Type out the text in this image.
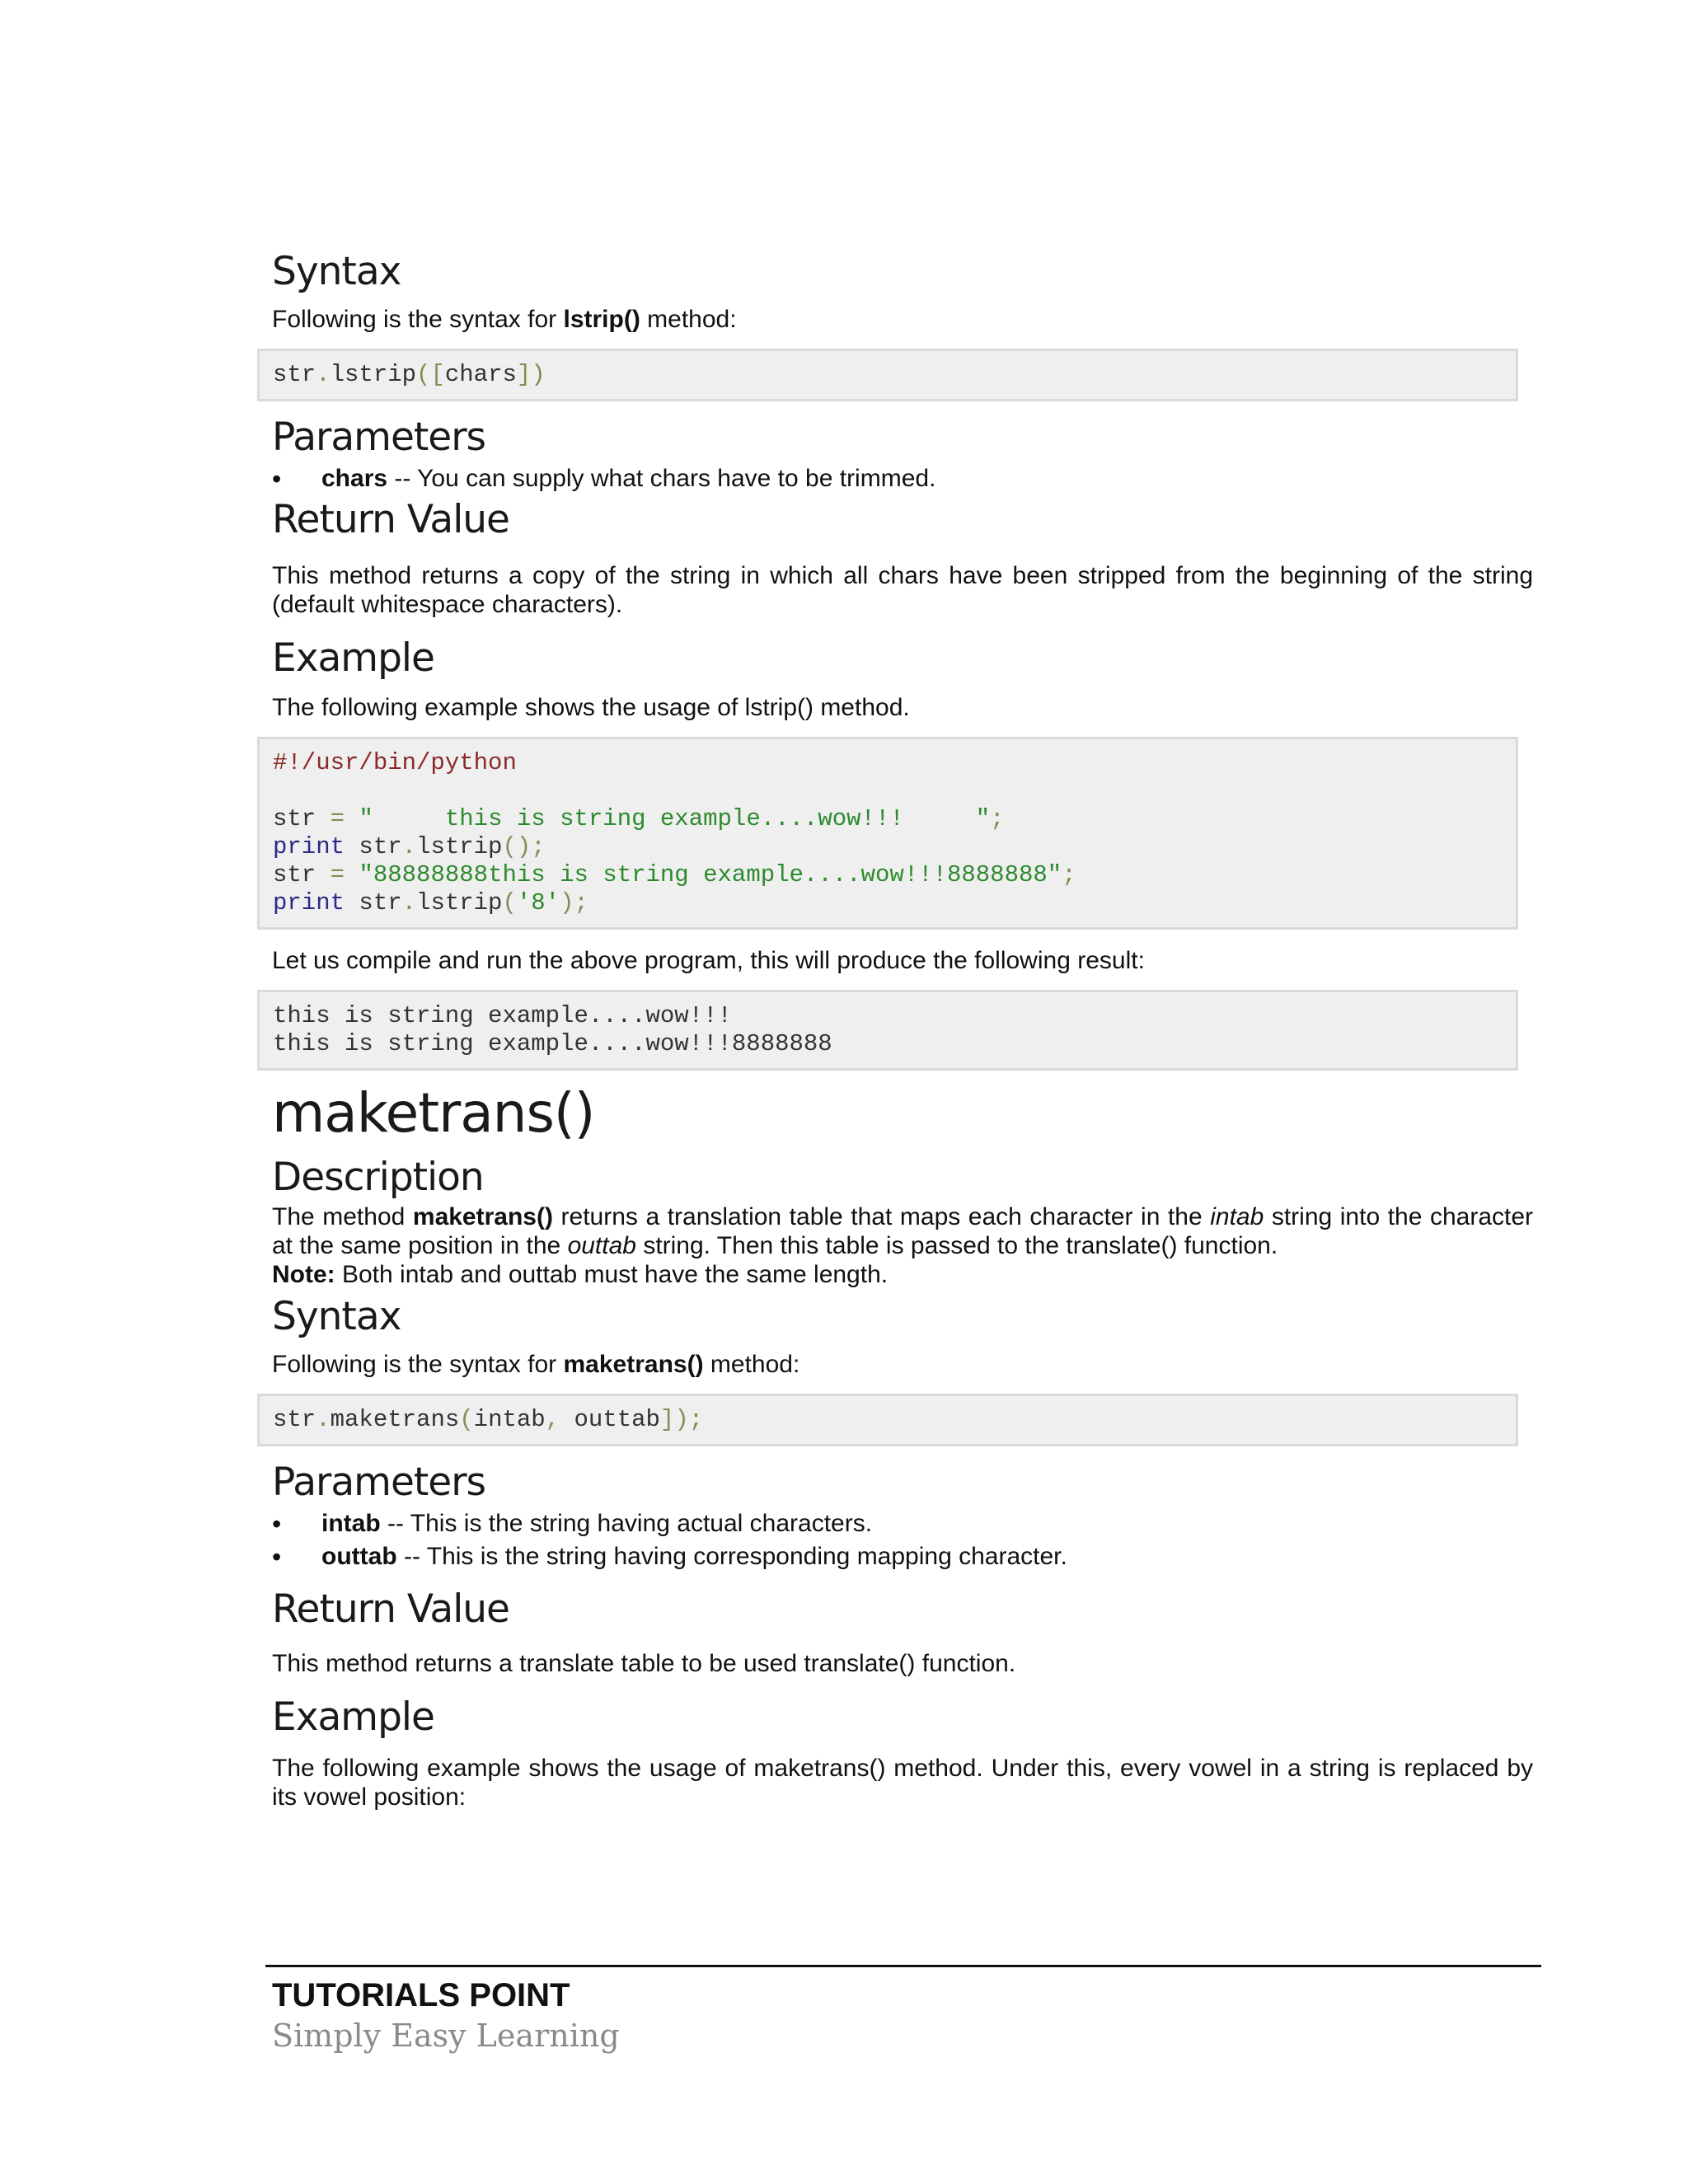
Syntax

Following is the syntax for lstrip() method:

str.lstrip([chars])
Parameters
• chars -- You can supply what chars have to be trimmed.
Return Value

This method returns a copy of the string in which all chars have been stripped from the beginning of the string (default whitespace characters).

Example

The following example shows the usage of lstrip() method.

#!/usr/bin/python

str = "     this is string example....wow!!!     ";
print str.lstrip();
str = "88888888this is string example....wow!!!8888888";
print str.lstrip('8');

Let us compile and run the above program, this will produce the following result:

this is string example....wow!!!
this is string example....wow!!!8888888
maketrans()
Description

The method maketrans() returns a translation table that maps each character in the intab string into the character at the same position in the outtab string. Then this table is passed to the translate() function.

Note: Both intab and outtab must have the same length.

Syntax

Following is the syntax for maketrans() method:

str.maketrans(intab, outtab]);
Parameters
• intab -- This is the string having actual characters.
• outtab -- This is the string having corresponding mapping character.
Return Value

This method returns a translate table to be used translate() function.

Example

The following example shows the usage of maketrans() method. Under this, every vowel in a string is replaced by its vowel position:

TUTORIALS POINT
Simply Easy Learning
